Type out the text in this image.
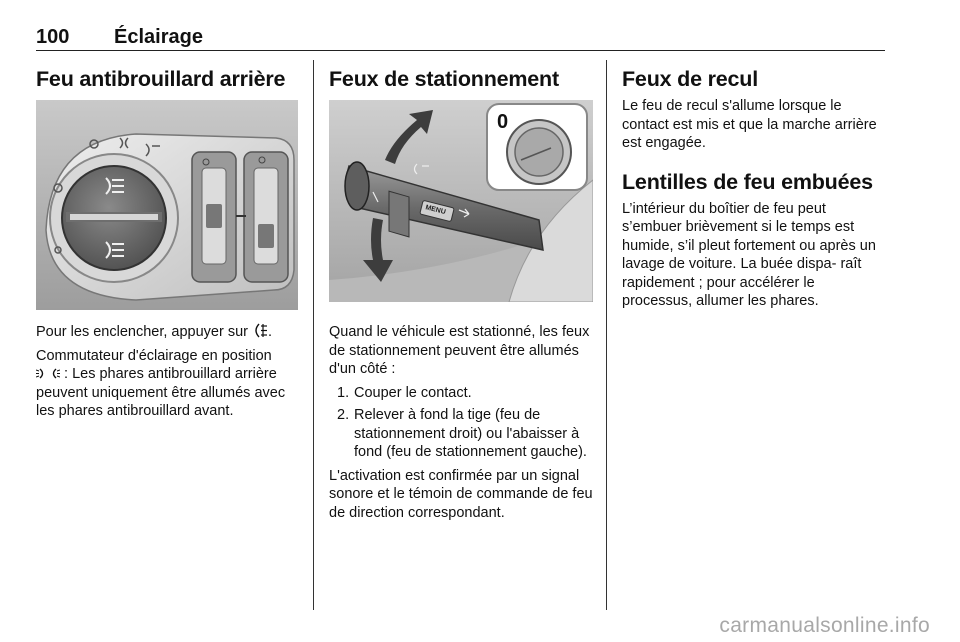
100 Éclairage
Feu antibrouillard arrière

Pour les enclencher, appuyer sur .

Commutateur d'éclairage en position
: Les phares antibrouillard arrière peuvent uniquement être allumés avec les phares antibrouillard avant.

Feux de stationnement
MENU
0

Quand le véhicule est stationné, les feux de stationnement peuvent être allumés d'un côté :

1. Couper le contact.
2. Relever à fond la tige (feu de stationnement droit) ou l'abaisser à fond (feu de stationnement gauche).

L'activation est confirmée par un signal sonore et le témoin de commande de feu de direction correspondant.

Feux de recul

Le feu de recul s'allume lorsque le contact est mis et que la marche arrière est engagée.

Lentilles de feu embuées

L’intérieur du boîtier de feu peut s’embuer brièvement si le temps est humide, s’il pleut fortement ou après un lavage de voiture. La buée dispa‑ raît rapidement ; pour accélérer le processus, allumer les phares.

carmanualsonline.info
